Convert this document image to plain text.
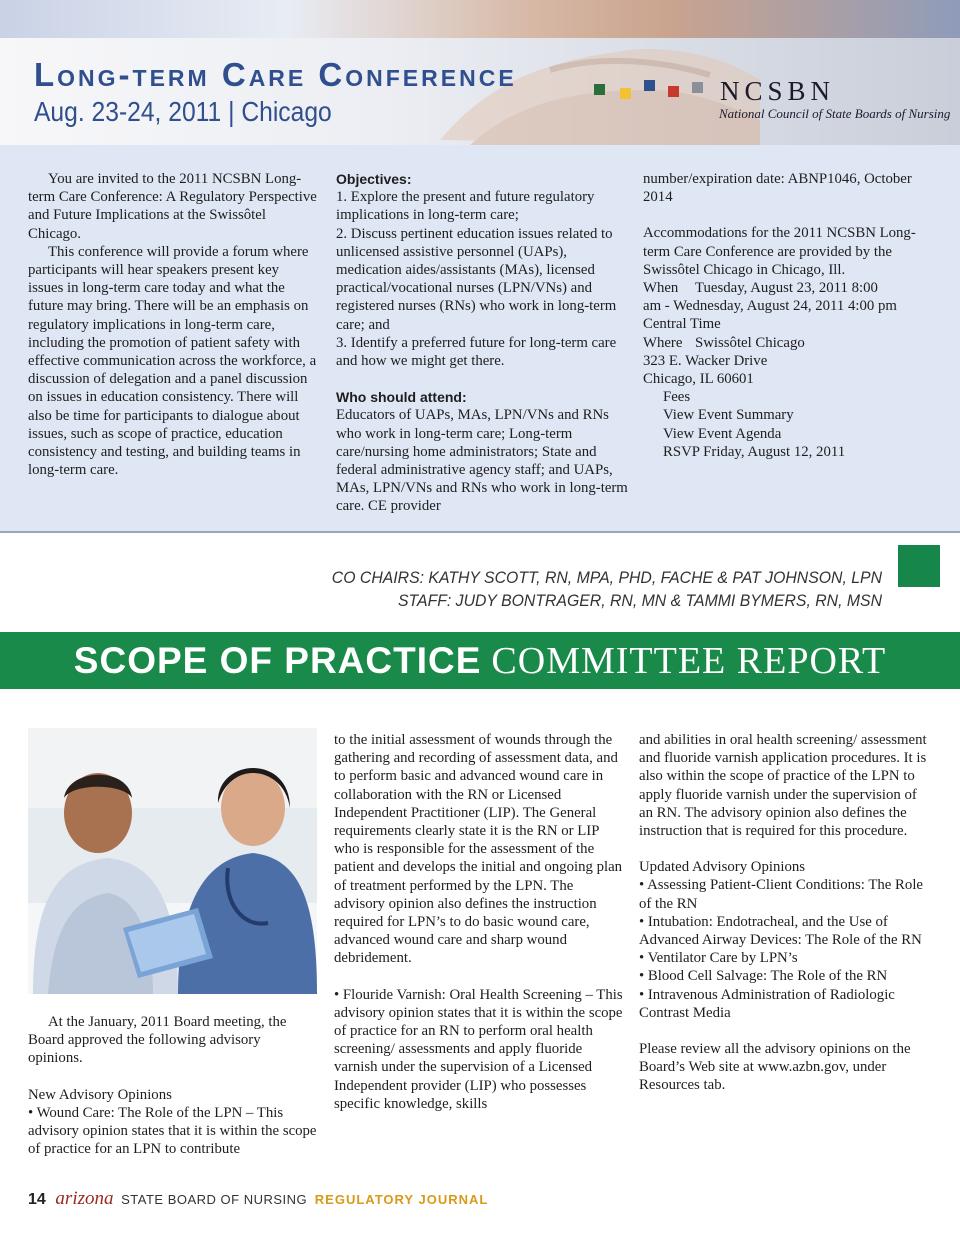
Long-term Care Conference
Aug. 23-24, 2011 | Chicago
NCSBN
National Council of State Boards of Nursing

You are invited to the 2011 NCSBN Long-term Care Conference: A Regulatory Perspective and Future Implications at the Swissôtel Chicago.

This conference will provide a forum where participants will hear speakers present key issues in long-term care today and what the future may bring. There will be an emphasis on regulatory implications in long-term care, including the promotion of patient safety with effective communication across the workforce, a discussion of delegation and a panel discussion on issues in education consistency. There will also be time for participants to dialogue about issues, such as scope of practice, education consistency and testing, and building teams in long-term care.

Objectives:

1. Explore the present and future regulatory implications in long-term care;

2. Discuss pertinent education issues related to unlicensed assistive personnel (UAPs), medication aides/assistants (MAs), licensed practical/vocational nurses (LPN/VNs) and registered nurses (RNs) who work in long-term care; and

3. Identify a preferred future for long-term care and how we might get there.

Who should attend:

Educators of UAPs, MAs, LPN/VNs and RNs who work in long-term care; Long-term care/nursing home administrators; State and federal administrative agency staff; and UAPs, MAs, LPN/VNs and RNs who work in long-term care. CE provider

number/expiration date: ABNP1046, October 2014

Accommodations for the 2011 NCSBN Long-term Care Conference are provided by the Swissôtel Chicago in Chicago, Ill.

When Tuesday, August 23, 2011 8:00

am - Wednesday, August 24, 2011 4:00 pm Central Time

Where Swissôtel Chicago

323 E. Wacker Drive

Chicago, IL 60601

Fees

View Event Summary

View Event Agenda

RSVP Friday, August 12, 2011

CO CHAIRS: KATHY SCOTT, RN, MPA, PHD, FACHE & PAT JOHNSON, LPN
STAFF: JUDY BONTRAGER, RN, MN & TAMMI BYMERS, RN, MSN
SCOPE OF PRACTICE COMMITTEE REPORT

At the January, 2011 Board meeting, the Board approved the following advisory opinions.

New Advisory Opinions

• Wound Care: The Role of the LPN – This advisory opinion states that it is within the scope of practice for an LPN to contribute

to the initial assessment of wounds through the gathering and recording of assessment data, and to perform basic and advanced wound care in collaboration with the RN or Licensed Independent Practitioner (LIP). The General requirements clearly state it is the RN or LIP who is responsible for the assessment of the patient and develops the initial and ongoing plan of treatment performed by the LPN. The advisory opinion also defines the instruction required for LPN’s to do basic wound care, advanced wound care and sharp wound debridement.

• Flouride Varnish: Oral Health Screening – This advisory opinion states that it is within the scope of practice for an RN to perform oral health screening/ assessments and apply fluoride varnish under the supervision of a Licensed Independent provider (LIP) who possesses specific knowledge, skills

and abilities in oral health screening/ assessment and fluoride varnish application procedures. It is also within the scope of practice of the LPN to apply fluoride varnish under the supervision of an RN. The advisory opinion also defines the instruction that is required for this procedure.

Updated Advisory Opinions

• Assessing Patient-Client Conditions: The Role of the RN

• Intubation: Endotracheal, and the Use of Advanced Airway Devices: The Role of the RN

• Ventilator Care by LPN’s

• Blood Cell Salvage: The Role of the RN

• Intravenous Administration of Radiologic Contrast Media

Please review all the advisory opinions on the Board’s Web site at www.azbn.gov, under Resources tab.

14 arizona STATE BOARD OF NURSING REGULATORY JOURNAL
